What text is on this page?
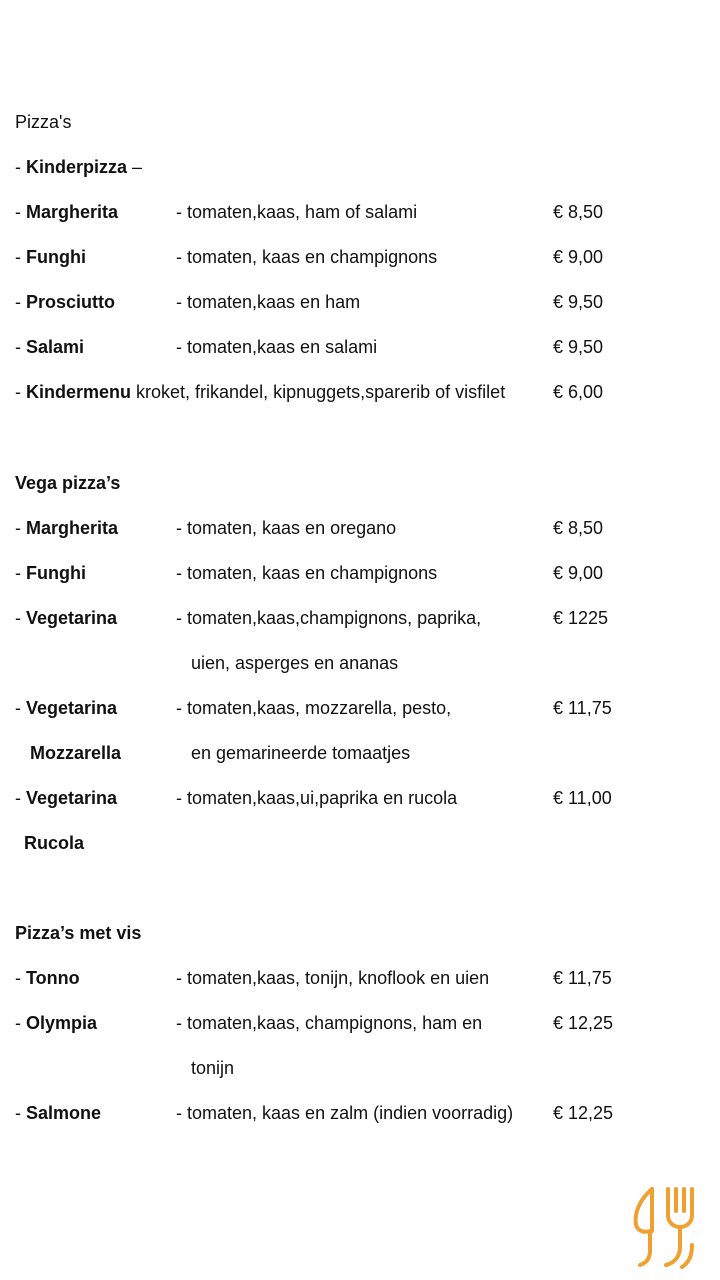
Pizza's
- Kinderpizza –
- Margherita	- tomaten,kaas, ham of salami	€ 8,50
- Funghi	- tomaten, kaas en champignons	€ 9,00
- Prosciutto	- tomaten,kaas en ham	€ 9,50
- Salami	- tomaten,kaas en salami	€ 9,50
- Kindermenu kroket, frikandel, kipnuggets,sparerib of visfilet	€ 6,00
Vega pizza’s
- Margherita	- tomaten, kaas en oregano	€ 8,50
- Funghi	- tomaten, kaas en champignons	€ 9,00
- Vegetarina	- tomaten,kaas,champignons, paprika,	€ 1225
uien, asperges en ananas
- Vegetarina	- tomaten,kaas, mozzarella, pesto,	€ 11,75
Mozzarella	en gemarineerde tomaatjes
- Vegetarina	- tomaten,kaas,ui,paprika en rucola	€ 11,00
Rucola
Pizza’s met vis
- Tonno	- tomaten,kaas, tonijn, knoflook en uien	€ 11,75
- Olympia	- tomaten,kaas, champignons, ham en	€ 12,25
tonijn
- Salmone	- tomaten, kaas en zalm (indien voorradig) € 12,25
